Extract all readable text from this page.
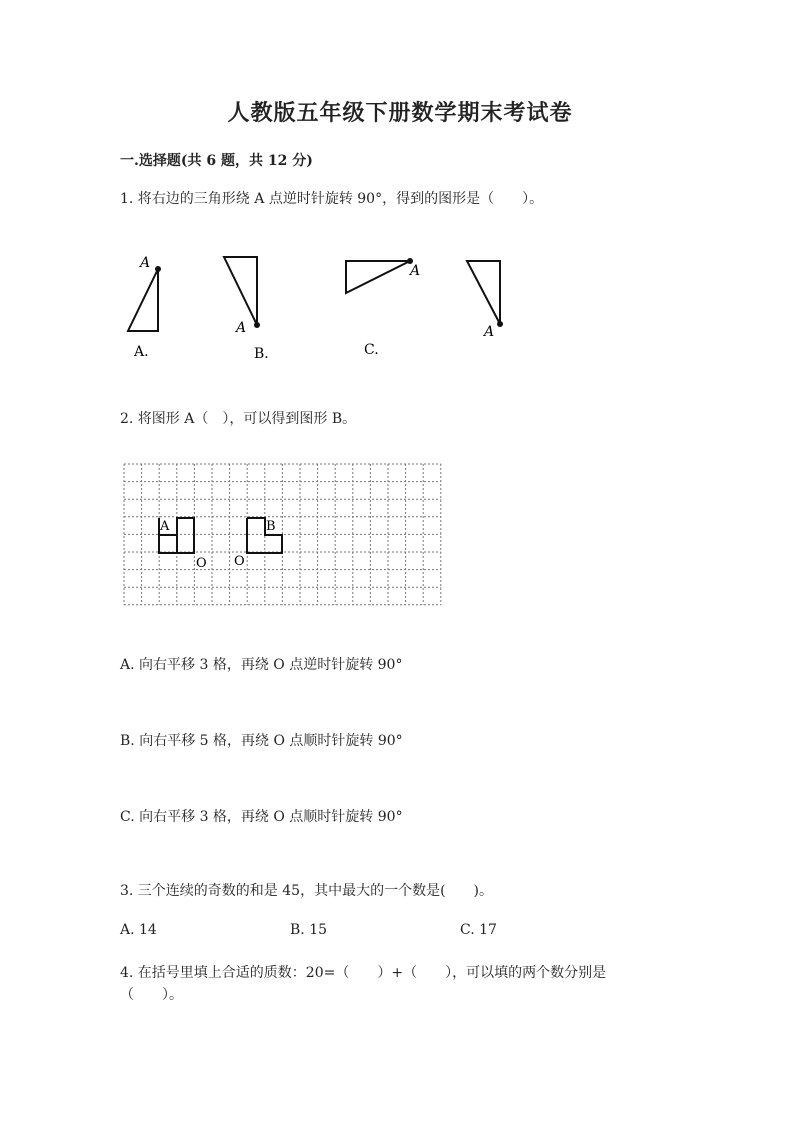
人教版五年级下册数学期末考试卷
一.选择题(共 6 题，共 12 分)
1. 将右边的三角形绕 A 点逆时针旋转 90°，得到的图形是（　　）。
A
A.
A
B.
A
C.
A
2. 将图形 A（　），可以得到图形 B。
A	B
O O
A. 向右平移 3 格，再绕 O 点逆时针旋转 90°
B. 向右平移 5 格，再绕 O 点顺时针旋转 90°
C. 向右平移 3 格，再绕 O 点顺时针旋转 90°
3. 三个连续的奇数的和是 45，其中最大的一个数是(　　)。
A. 14	B. 15	C. 17
4. 在括号里填上合适的质数：20=（　　）+（　　），可以填的两个数分别是
（　　）。
